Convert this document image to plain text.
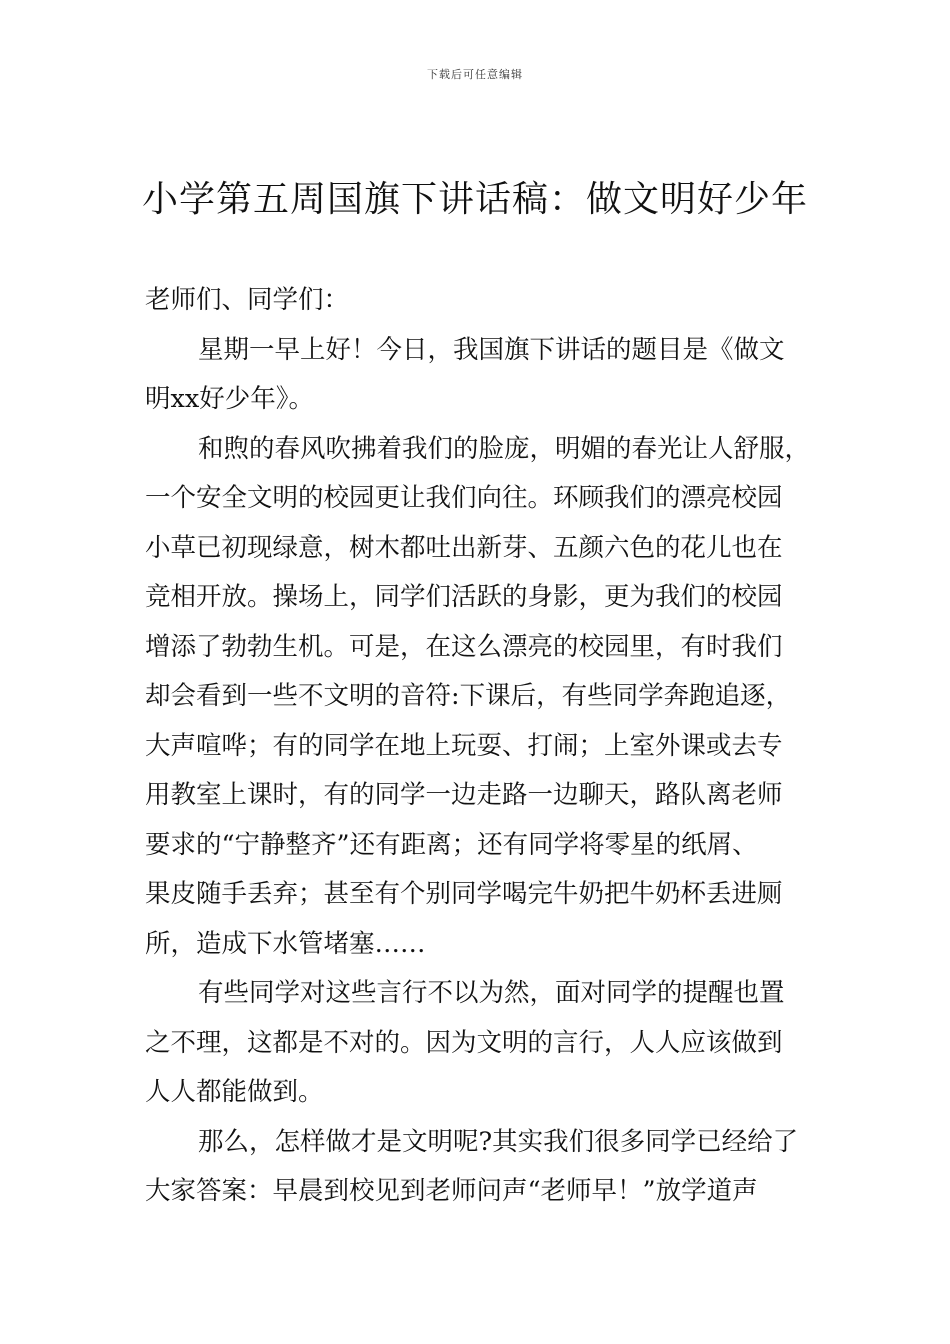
下载后可任意编辑
小学第五周国旗下讲话稿：做文明好少年

老师们、同学们：

星期一早上好！今日，我国旗下讲话的题目是《做文
明xx好少年》。

和煦的春风吹拂着我们的脸庞，明媚的春光让人舒服，
一个安全文明的校园更让我们向往。环顾我们的漂亮校园
小草已初现绿意，树木都吐出新芽、五颜六色的花儿也在
竞相开放。操场上，同学们活跃的身影，更为我们的校园
增添了勃勃生机。可是，在这么漂亮的校园里，有时我们
却会看到一些不文明的音符:下课后，有些同学奔跑追逐，
大声喧哗；有的同学在地上玩耍、打闹；上室外课或去专
用教室上课时，有的同学一边走路一边聊天，路队离老师
要求的“宁静整齐”还有距离；还有同学将零星的纸屑、
果皮随手丢弃；甚至有个别同学喝完牛奶把牛奶杯丢进厕
所，造成下水管堵塞……

有些同学对这些言行不以为然，面对同学的提醒也置
之不理，这都是不对的。因为文明的言行，人人应该做到
人人都能做到。

那么，怎样做才是文明呢?其实我们很多同学已经给了
大家答案：早晨到校见到老师问声“老师早！”放学道声
